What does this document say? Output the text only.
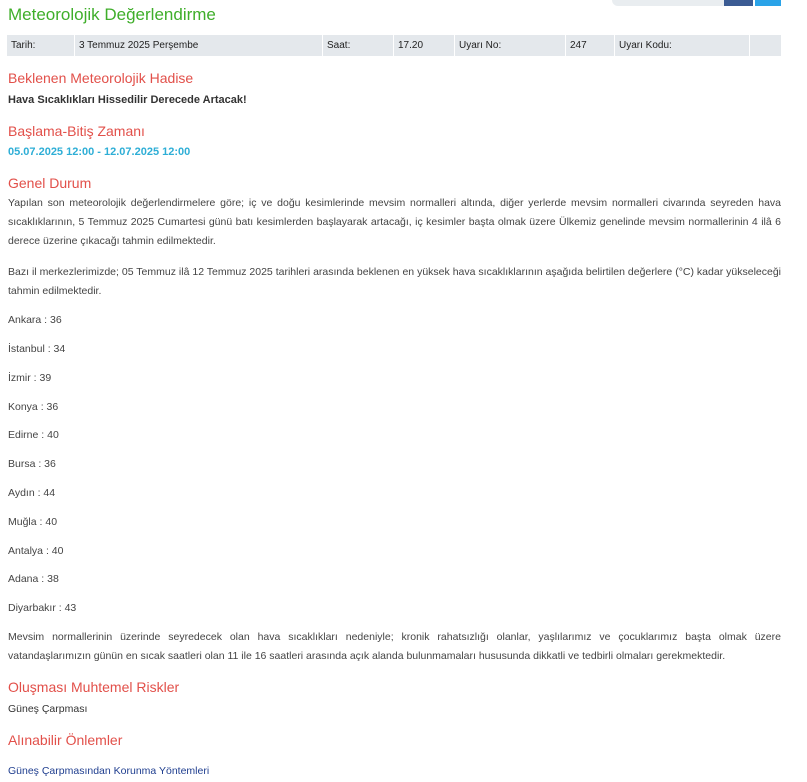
Meteorolojik Değerlendirme
Tarih:	3 Temmuz 2025 Perşembe	Saat:	17.20	Uyarı No:	247	Uyarı Kodu:	
Beklenen Meteorolojik Hadise
Hava Sıcaklıkları Hissedilir Derecede Artacak!
Başlama-Bitiş Zamanı
05.07.2025 12:00 - 12.07.2025 12:00
Genel Durum

Yapılan son meteorolojik değerlendirmelere göre; iç ve doğu kesimlerinde mevsim normalleri altında, diğer yerlerde mevsim normalleri civarında seyreden hava sıcaklıklarının, 5 Temmuz 2025 Cumartesi günü batı kesimlerden başlayarak artacağı, iç kesimler başta olmak üzere Ülkemiz genelinde mevsim normallerinin 4 ilâ 6 derece üzerine çıkacağı tahmin edilmektedir.

Bazı il merkezlerimizde; 05 Temmuz ilâ 12 Temmuz 2025 tarihleri arasında beklenen en yüksek hava sıcaklıklarının aşağıda belirtilen değerlere (°C) kadar yükseleceği tahmin edilmektedir.

Ankara : 36
İstanbul : 34
İzmir : 39
Konya : 36
Edirne : 40
Bursa : 36
Aydın : 44
Muğla : 40
Antalya : 40
Adana : 38
Diyarbakır : 43

Mevsim normallerinin üzerinde seyredecek olan hava sıcaklıkları nedeniyle; kronik rahatsızlığı olanlar, yaşlılarımız ve çocuklarımız başta olmak üzere vatandaşlarımızın günün en sıcak saatleri olan 11 ile 16 saatleri arasında açık alanda bulunmamaları hususunda dikkatli ve tedbirli olmaları gerekmektedir.

Oluşması Muhtemel Riskler
Güneş Çarpması
Alınabilir Önlemler
Güneş Çarpmasından Korunma Yöntemleri
